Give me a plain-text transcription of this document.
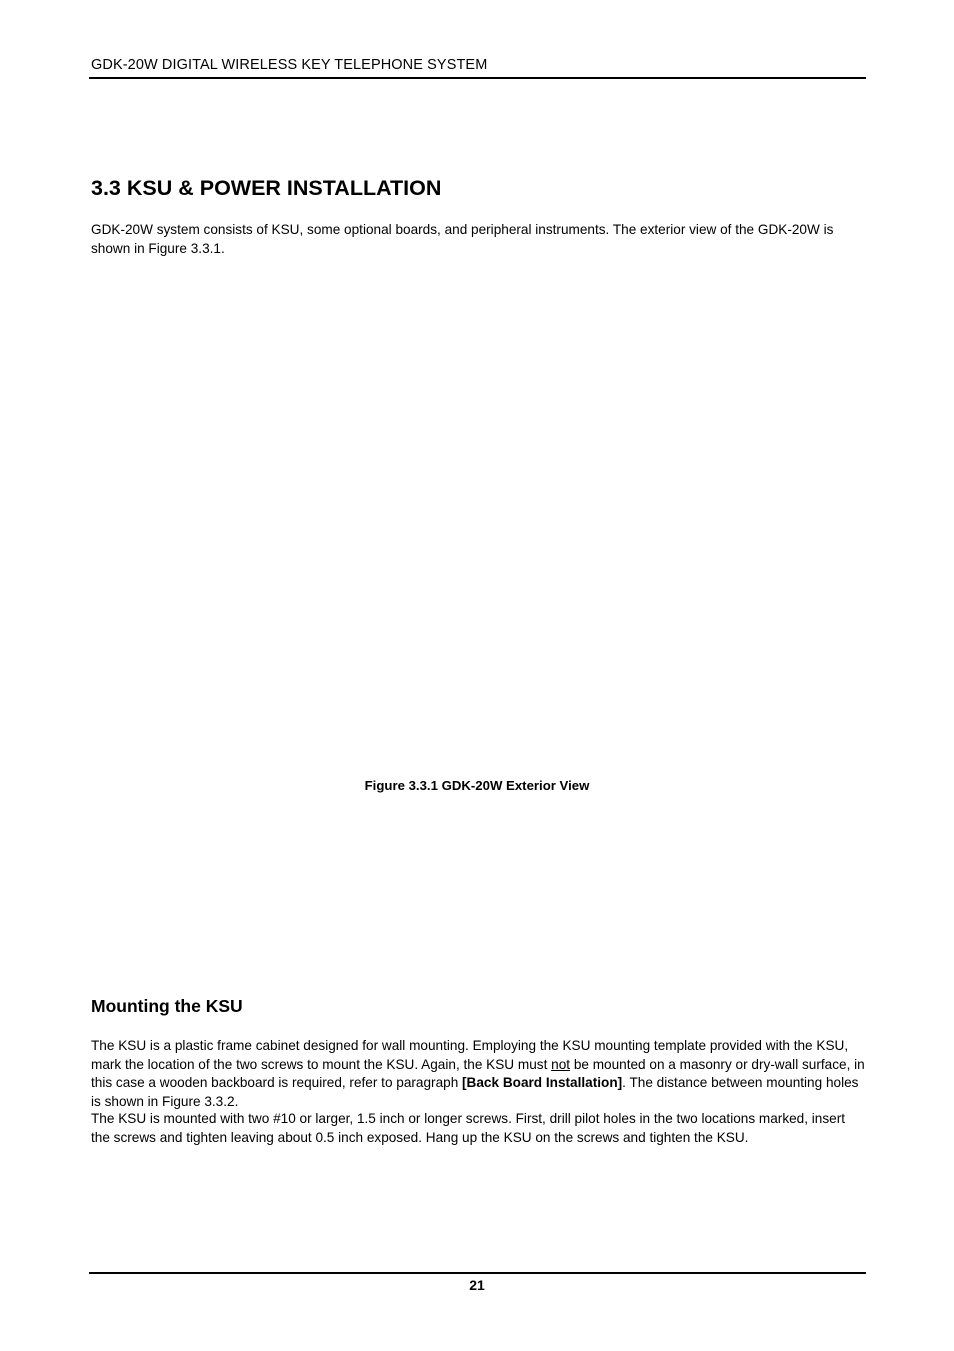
GDK-20W DIGITAL WIRELESS KEY TELEPHONE SYSTEM
3.3 KSU & POWER INSTALLATION

GDK-20W system consists of KSU, some optional boards, and peripheral instruments. The exterior view of the GDK-20W is shown in Figure 3.3.1.

Figure 3.3.1 GDK-20W Exterior View
Mounting the KSU

The KSU is a plastic frame cabinet designed for wall mounting. Employing the KSU mounting template provided with the KSU, mark the location of the two screws to mount the KSU. Again, the KSU must not be mounted on a masonry or dry-wall surface, in this case a wooden backboard is required, refer to paragraph [Back Board Installation]. The distance between mounting holes is shown in Figure 3.3.2.

The KSU is mounted with two #10 or larger, 1.5 inch or longer screws. First, drill pilot holes in the two locations marked, insert the screws and tighten leaving about 0.5 inch exposed. Hang up the KSU on the screws and tighten the KSU.

21
